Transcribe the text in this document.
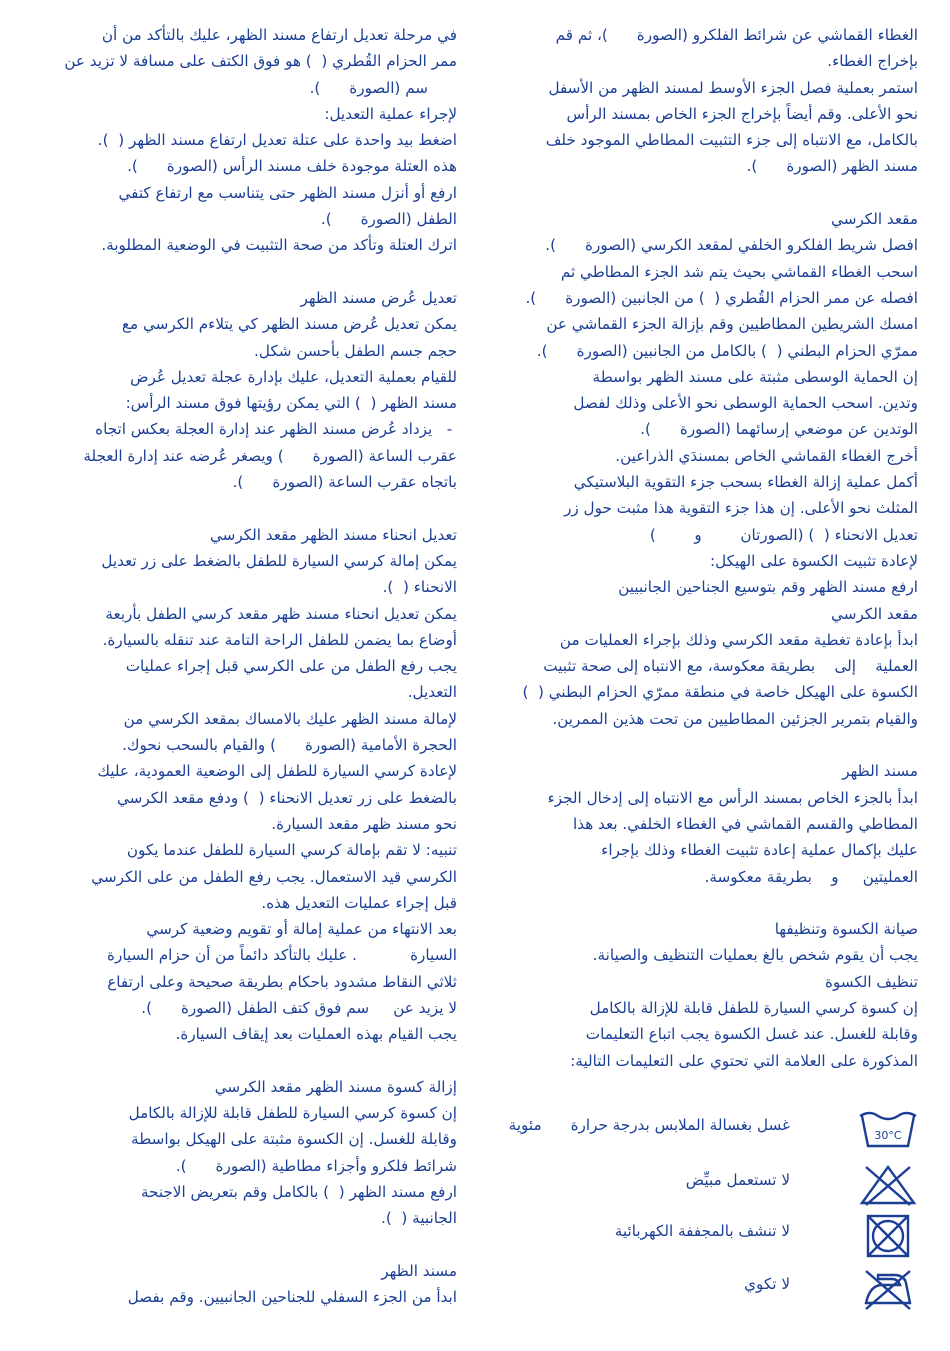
الغطاء القماشي عن شرائط الفلكرو (الصورة      )، ثم قم
بإخراج الغطاء.
استمر بعملية فصل الجزء الأوسط لمسند الظهر من الأسفل
نحو الأعلى. وقم أيضاً بإخراج الجزء الخاص بمسند الرأس
بالكامل، مع الانتباه إلى جزء التثبيت المطاطي الموجود خلف
مسند الظهر (الصورة      ).
مقعد الكرسي
افصل شريط الفلكرو الخلفي لمقعد الكرسي (الصورة      ).
اسحب الغطاء القماشي بحيث يتم شد الجزء المطاطي ثم
افصله عن ممر الحزام القُطري (  ) من الجانبين (الصورة      ).
امسك الشريطين المطاطيين وقم بإزالة الجزء القماشي عن
ممرّي الحزام البطني (  ) بالكامل من الجانبين (الصورة      ).
إن الحماية الوسطى مثبتة على مسند الظهر بواسطة
وتدين. اسحب الحماية الوسطى نحو الأعلى وذلك لفصل
الوتدين عن موضعي إرسائهما (الصورة      ).
أخرج الغطاء القماشي الخاص بمسندَي الذراعين.
أكمل عملية إزالة الغطاء بسحب جزء التقوية البلاستيكي
المثلث نحو الأعلى. إن هذا جزء التقوية هذا مثبت حول زر
تعديل الانحناء (  ) (الصورتان        و        )
لإعادة تثبيت الكسوة على الهيكل:
ارفع مسند الظهر وقم بتوسيع الجناحين الجانبيين
مقعد الكرسي
ابدأ بإعادة تغطية مقعد الكرسي وذلك بإجراء العمليات من
العملية    إلى    بطريقة معكوسة، مع الانتباه إلى صحة تثبيت
الكسوة على الهيكل خاصة في منطقة ممرّي الحزام البطني (  )
والقيام بتمرير الجزئين المطاطيين من تحت هذين الممرين.
مسند الظهر
ابدأ بالجزء الخاص بمسند الرأس مع الانتباه إلى إدخال الجزء
المطاطي والقسم القماشي في الغطاء الخلفي. بعد هذا
عليك بإكمال عملية إعادة تثبيت الغطاء وذلك بإجراء
العمليتين     و    بطريقة معكوسة.
صيانة الكسوة وتنظيفها
يجب أن يقوم شخص بالغ بعمليات التنظيف والصيانة.
تنظيف الكسوة
إن كسوة كرسي السيارة للطفل قابلة للإزالة بالكامل
وقابلة للغسل. عند غسل الكسوة يجب اتباع التعليمات
المذكورة على العلامة التي تحتوي على التعليمات التالية:
في مرحلة تعديل ارتفاع مسند الظهر، عليك بالتأكد من أن
ممر الحزام القُطري (  ) هو فوق الكتف على مسافة لا تزيد عن
سم (الصورة      ).
لإجراء عملية التعديل:
اضغط بيد واحدة على عتلة تعديل ارتفاع مسند الظهر (  ).
هذه العتلة موجودة خلف مسند الرأس (الصورة      ).
ارفع أو أنزل مسند الظهر حتى يتناسب مع ارتفاع كتفي
الطفل (الصورة      ).
اترك العتلة وتأكد من صحة التثبيت في الوضعية المطلوبة.
تعديل عُرض مسند الظهر
يمكن تعديل عُرض مسند الظهر كي يتلاءم الكرسي مع
حجم جسم الطفل بأحسن شكل.
للقيام بعملية التعديل، عليك بإدارة عجلة تعديل عُرض
مسند الظهر (  ) التي يمكن رؤيتها فوق مسند الرأس:
-   يزداد عُرض مسند الظهر عند إدارة العجلة بعكس اتجاه
عقرب الساعة (الصورة      ) ويصغر عُرضه عند إدارة العجلة
باتجاه عقرب الساعة (الصورة      ).
تعديل انحناء مسند الظهر مقعد الكرسي
يمكن إمالة كرسي السيارة للطفل بالضغط على زر تعديل
الانحناء (  ).
يمكن تعديل انحناء مسند ظهر مقعد كرسي الطفل بأربعة
أوضاع بما يضمن للطفل الراحة التامة عند تنقله بالسيارة.
يجب رفع الطفل من على الكرسي قبل إجراء عمليات
التعديل.
لإمالة مسند الظهر عليك بالامساك بمقعد الكرسي من
الحجرة الأمامية (الصورة      ) والقيام بالسحب نحوك.
لإعادة كرسي السيارة للطفل إلى الوضعية العمودية، عليك
بالضغط على زر تعديل الانحناء (  ) ودفع مقعد الكرسي
نحو مسند ظهر مقعد السيارة.
تنبيه: لا تقم بإمالة كرسي السيارة للطفل عندما يكون
الكرسي قيد الاستعمال. يجب رفع الطفل من على الكرسي
قبل إجراء عمليات التعديل هذه.
بعد الانتهاء من عملية إمالة أو تقويم وضعية كرسي
السيارة           . عليك بالتأكد دائماً من أن حزام السيارة
ثلاثي النقاط مشدود باحكام بطريقة صحيحة وعلى ارتفاع
لا يزيد عن     سم فوق كتف الطفل (الصورة      ).
يجب القيام بهذه العمليات بعد إيقاف السيارة.
إزالة كسوة مسند الظهر مقعد الكرسي
إن كسوة كرسي السيارة للطفل قابلة للإزالة بالكامل
وقابلة للغسل. إن الكسوة مثبتة على الهيكل بواسطة
شرائط فلكرو وأجزاء مطاطية (الصورة      ).
ارفع مسند الظهر (  ) بالكامل وقم بتعريض الاجنحة
الجانبية (  ).
مسند الظهر
ابدأ من الجزء السفلي للجناحين الجانبيين. وقم بفصل
30°C
غسل بغسالة الملابس بدرجة حرارة      مئوية
لا تستعمل مبيِّض
لا تنشف بالمجففة الكهربائية
لا تكوي
